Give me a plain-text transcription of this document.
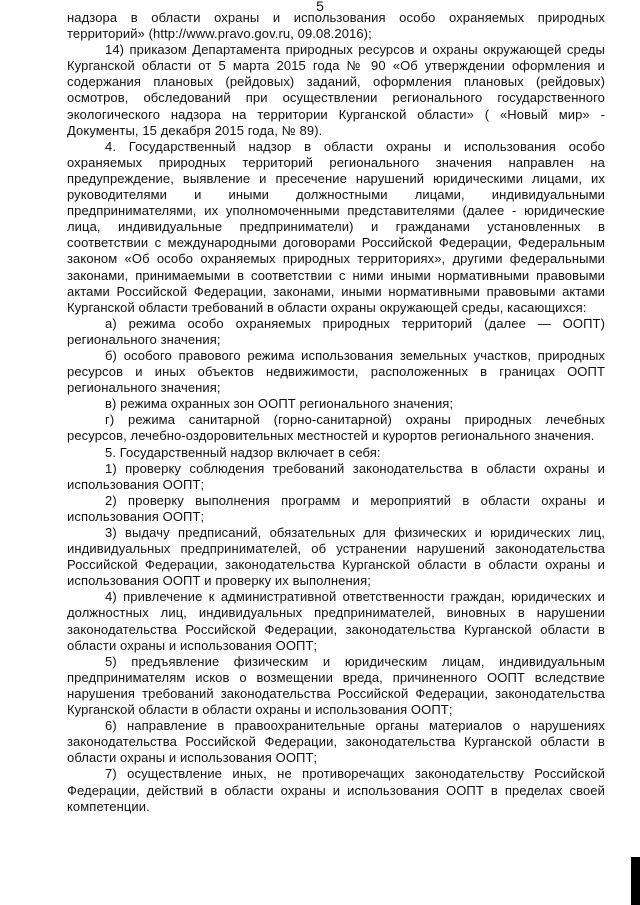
5

надзора в области охраны и использования особо охраняемых природных территорий» (http://www.pravo.gov.ru, 09.08.2016);

14) приказом Департамента природных ресурсов и охраны окружающей среды Курганской области от 5 марта 2015 года № 90 «Об утверждении оформления и содержания плановых (рейдовых) заданий, оформления плановых (рейдовых) осмотров, обследований при осуществлении регионального государственного экологического надзора на территории Курганской области» ( «Новый мир» - Документы, 15 декабря 2015 года, № 89).

4. Государственный надзор в области охраны и использования особо охраняемых природных территорий регионального значения направлен на предупреждение, выявление и пресечение нарушений юридическими лицами, их руководителями и иными должностными лицами, индивидуальными предпринимателями, их уполномоченными представителями (далее - юридические лица, индивидуальные предприниматели) и гражданами установленных в соответствии с международными договорами Российской Федерации, Федеральным законом «Об особо охраняемых природных территориях», другими федеральными законами, принимаемыми в соответствии с ними иными нормативными правовыми актами Российской Федерации, законами, иными нормативными правовыми актами Курганской области требований в области охраны окружающей среды, касающихся:

а) режима особо охраняемых природных территорий (далее — ООПТ) регионального значения;

б) особого правового режима использования земельных участков, природных ресурсов и иных объектов недвижимости, расположенных в границах ООПТ регионального значения;

в) режима охранных зон ООПТ регионального значения;

г) режима санитарной (горно-санитарной) охраны природных лечебных ресурсов, лечебно-оздоровительных местностей и курортов регионального значения.

5. Государственный надзор включает в себя:

1) проверку соблюдения требований законодательства в области охраны и использования ООПТ;

2) проверку выполнения программ и мероприятий в области охраны и использования ООПТ;

3) выдачу предписаний, обязательных для физических и юридических лиц, индивидуальных предпринимателей, об устранении нарушений законодательства Российской Федерации, законодательства Курганской области в области охраны и использования ООПТ и проверку их выполнения;

4) привлечение к административной ответственности граждан, юридических и должностных лиц, индивидуальных предпринимателей, виновных в нарушении законодательства Российской Федерации, законодательства Курганской области в области охраны и использования ООПТ;

5) предъявление физическим и юридическим лицам, индивидуальным предпринимателям исков о возмещении вреда, причиненного ООПТ вследствие нарушения требований законодательства Российской Федерации, законодательства Курганской области в области охраны и использования ООПТ;

6) направление в правоохранительные органы материалов о нарушениях законодательства Российской Федерации, законодательства Курганской области в области охраны и использования ООПТ;

7) осуществление иных, не противоречащих законодательству Российской Федерации, действий в области охраны и использования ООПТ в пределах своей компетенции.
